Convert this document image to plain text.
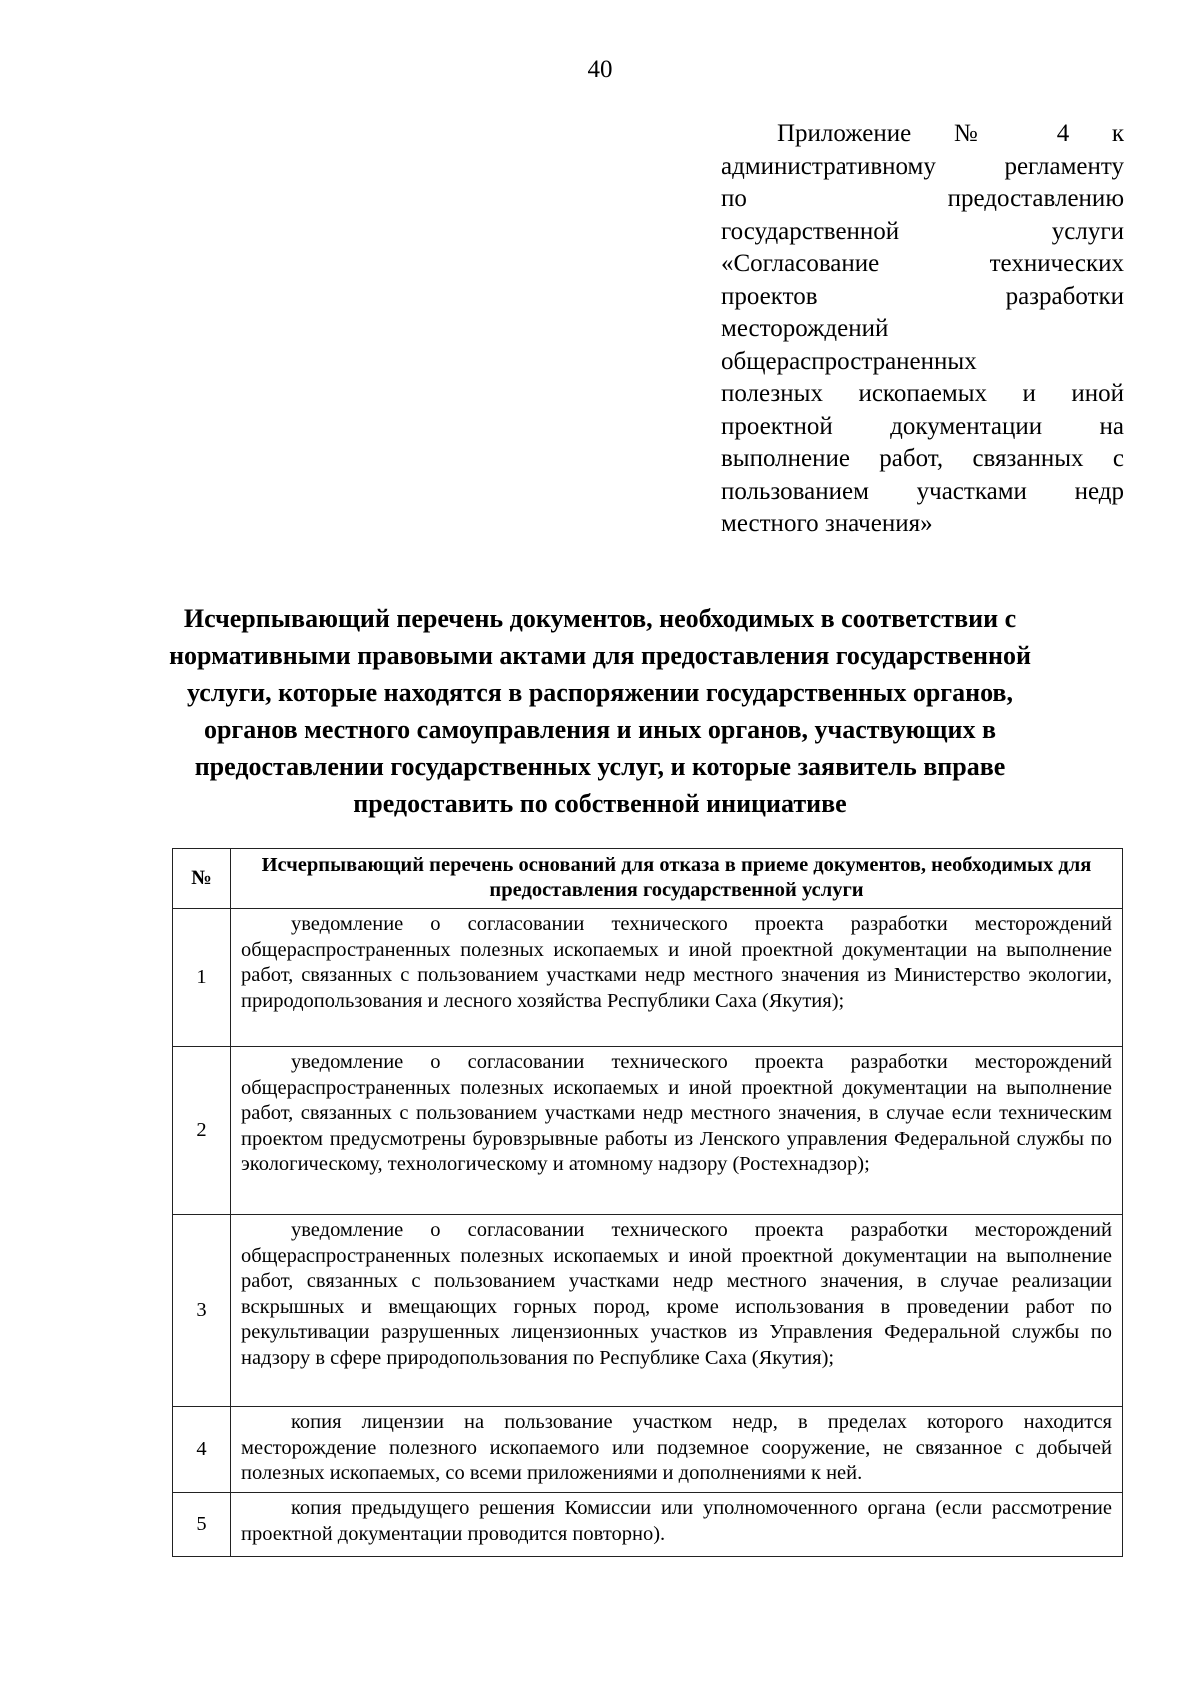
40
Приложение № 4 к
административному регламенту
по предоставлению
государственной услуги
«Согласование технических
проектов разработки
месторождений
общераспространенных
полезных ископаемых и иной
проектной документации на
выполнение работ, связанных с
пользованием участками недр
местного значения»
Исчерпывающий перечень документов, необходимых в соответствии с
нормативными правовыми актами для предоставления государственной
услуги, которые находятся в распоряжении государственных органов,
органов местного самоуправления и иных органов, участвующих в
предоставлении государственных услуг, и которые заявитель вправе
предоставить по собственной инициативе
№	Исчерпывающий перечень оснований для отказа в приеме документов, необходимых для предоставления государственной услуги
1	уведомление о согласовании технического проекта разработки месторождений общераспространенных полезных ископаемых и иной проектной документации на выполнение работ, связанных с пользованием участками недр местного значения из Министерство экологии, природопользования и лесного хозяйства Республики Саха (Якутия);

2	уведомление о согласовании технического проекта разработки месторождений общераспространенных полезных ископаемых и иной проектной документации на выполнение работ, связанных с пользованием участками недр местного значения, в случае если техническим проектом предусмотрены буровзрывные работы из Ленского управления Федеральной службы по экологическому, технологическому и атомному надзору (Ростехнадзор);

3	уведомление о согласовании технического проекта разработки месторождений общераспространенных полезных ископаемых и иной проектной документации на выполнение работ, связанных с пользованием участками недр местного значения, в случае реализации вскрышных и вмещающих горных пород, кроме использования в проведении работ по рекультивации разрушенных лицензионных участков из Управления Федеральной службы по надзору в сфере природопользования по Республике Саха (Якутия);

4	копия лицензии на пользование участком недр, в пределах которого находится месторождение полезного ископаемого или подземное сооружение, не связанное с добычей полезных ископаемых, со всеми приложениями и дополнениями к ней.

5	копия предыдущего решения Комиссии или уполномоченного органа (если рассмотрение проектной документации проводится повторно).
